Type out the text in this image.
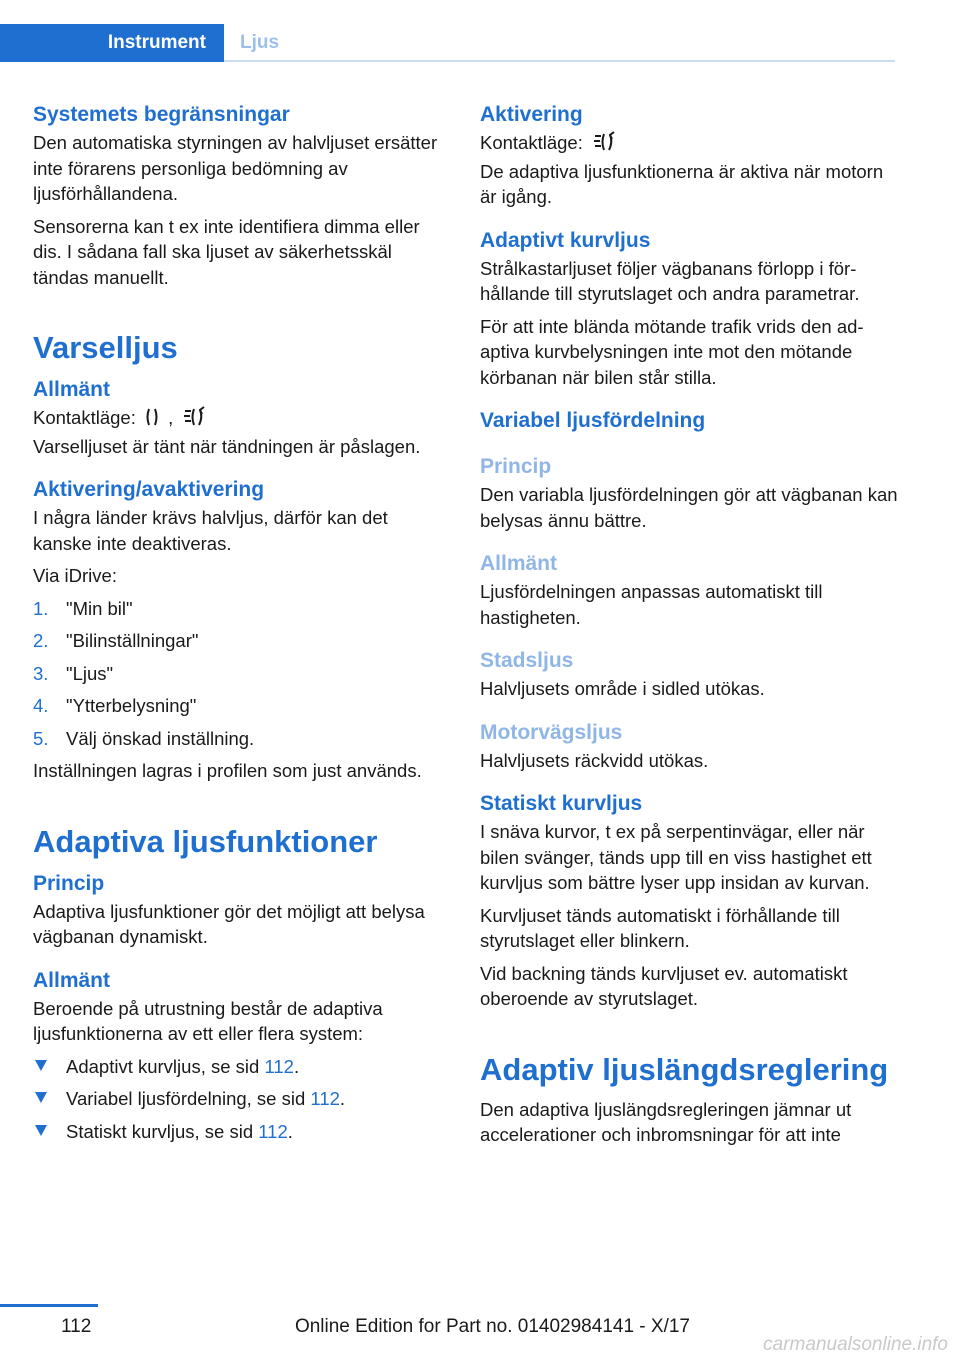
Instrument	Ljus
Systemets begränsningar

Den automatiska styrningen av halvljuset ersätter inte förarens personliga bedömning av ljusförhållandena.

Sensorerna kan t ex inte identifiera dimma eller dis. I sådana fall ska ljuset av säkerhetsskäl tändas manuellt.

Varselljus
Allmänt

Kontaktläge: ,

Varselljuset är tänt när tändningen är påslagen.

Aktivering/avaktivering

I några länder krävs halvljus, därför kan det kanske inte deaktiveras.

Via iDrive:

1. "Min bil"
2. "Bilinställningar"
3. "Ljus"
4. "Ytterbelysning"
5. Välj önskad inställning.

Inställningen lagras i profilen som just används.

Adaptiva ljusfunktioner
Princip

Adaptiva ljusfunktioner gör det möjligt att belysa vägbanan dynamiskt.

Allmänt

Beroende på utrustning består de adaptiva ljusfunktionerna av ett eller flera system:

Adaptivt kurvljus, se sid 112.
Variabel ljusfördelning, se sid 112.
Statiskt kurvljus, se sid 112.
Aktivering

Kontaktläge:

De adaptiva ljusfunktionerna är aktiva när motorn är igång.

Adaptivt kurvljus

Strålkastarljuset följer vägbanans förlopp i förhållande till styrutslaget och andra parametrar.

För att inte blända mötande trafik vrids den adaptiva kurvbelysningen inte mot den mötande körbanan när bilen står stilla.

Variabel ljusfördelning
Princip

Den variabla ljusfördelningen gör att vägbanan kan belysas ännu bättre.

Allmänt

Ljusfördelningen anpassas automatiskt till hastigheten.

Stadsljus

Halvljusets område i sidled utökas.

Motorvägsljus

Halvljusets räckvidd utökas.

Statiskt kurvljus

I snäva kurvor, t ex på serpentinvägar, eller när bilen svänger, tänds upp till en viss hastighet ett kurvljus som bättre lyser upp insidan av kurvan.

Kurvljuset tänds automatiskt i förhållande till styrutslaget eller blinkern.

Vid backning tänds kurvljuset ev. automatiskt oberoende av styrutslaget.

Adaptiv ljuslängdsreglering

Den adaptiva ljuslängdsregleringen jämnar ut accelerationer och inbromsningar för att inte

112	Online Edition for Part no. 01402984141 - X/17
carmanualsonline.info
